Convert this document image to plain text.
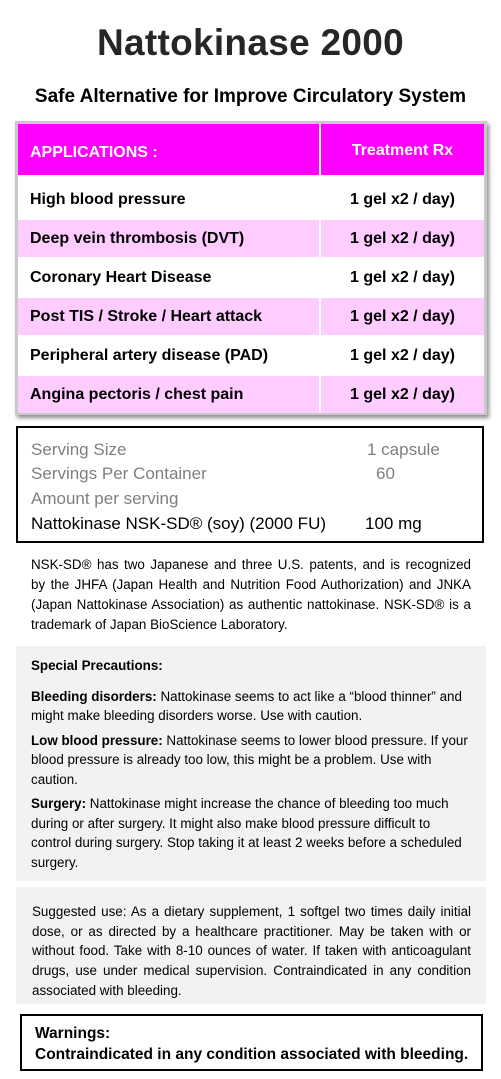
Nattokinase 2000
Safe Alternative for Improve Circulatory System
APPLICATIONS :	Treatment Rx
High blood pressure	1 gel x2 / day)
Deep vein thrombosis (DVT)	1 gel x2 / day)
Coronary Heart Disease	1 gel x2 / day)
Post TIS / Stroke / Heart attack	1 gel x2 / day)
Peripheral artery disease (PAD)	1 gel x2 / day)
Angina pectoris / chest pain	1 gel x2 / day)
Serving Size	1 capsule
Servings Per Container	60
Amount per serving
Nattokinase NSK-SD® (soy) (2000 FU) 100 mg
NSK-SD® has two Japanese and three U.S. patents, and is recognized by the JHFA (Japan Health and Nutrition Food Authorization) and JNKA (Japan Nattokinase Association) as authentic nattokinase. NSK-SD® is a trademark of Japan BioScience Laboratory.
Special Precautions:
Bleeding disorders: Nattokinase seems to act like a “blood thinner” and might make bleeding disorders worse. Use with caution.
Low blood pressure: Nattokinase seems to lower blood pressure. If your blood pressure is already too low, this might be a problem. Use with caution.
Surgery: Nattokinase might increase the chance of bleeding too much during or after surgery. It might also make blood pressure difficult to control during surgery. Stop taking it at least 2 weeks before a scheduled surgery.
Suggested use: As a dietary supplement, 1 softgel two times daily initial dose, or as directed by a healthcare practitioner. May be taken with or without food. Take with 8-10 ounces of water. If taken with anticoagulant drugs, use under medical supervision. Contraindicated in any condition associated with bleeding.
Warnings:
Contraindicated in any condition associated with bleeding.
